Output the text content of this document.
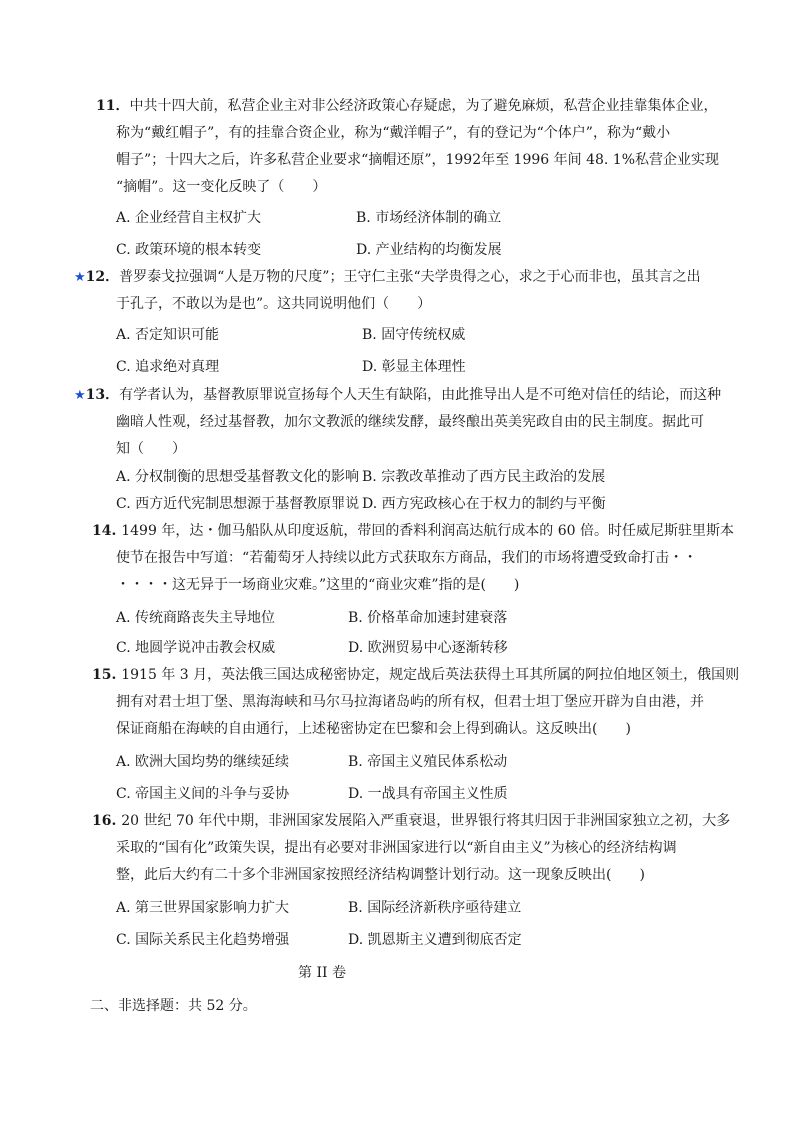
11．中共十四大前，私营企业主对非公经济政策心存疑虑，为了避免麻烦，私营企业挂靠集体企业，
称为“戴红帽子”，有的挂靠合资企业，称为“戴洋帽子”，有的登记为“个体户”，称为“戴小
帽子”；十四大之后，许多私营企业要求“摘帽还原”，1992年至 1996 年间 48. 1%私营企业实现
“摘帽”。这一变化反映了（　　）
A. 企业经营自主权扩大	B. 市场经济体制的确立
C. 政策环境的根本转变	D. 产业结构的均衡发展
★12．普罗泰戈拉强调“人是万物的尺度”；王守仁主张“夫学贵得之心，求之于心而非也，虽其言之出
于孔子，不敢以为是也”。这共同说明他们（　　）
A. 否定知识可能	B. 固守传统权威
C. 追求绝对真理	D. 彰显主体理性
★13．有学者认为，基督教原罪说宣扬每个人天生有缺陷，由此推导出人是不可绝对信任的结论，而这种
幽暗人性观，经过基督教，加尔文教派的继续发酵，最终酿出英美宪政自由的民主制度。据此可
知（　　）
A. 分权制衡的思想受基督教文化的影响 B. 宗教改革推动了西方民主政治的发展
C. 西方近代宪制思想源于基督教原罪说 D. 西方宪政核心在于权力的制约与平衡
14. 1499 年，达・伽马船队从印度返航，带回的香料利润高达航行成本的 60 倍。时任威尼斯驻里斯本
使节在报告中写道：“若葡萄牙人持续以此方式获取东方商品，我们的市场将遭受致命打击・・
・・・・这无异于一场商业灾难。”这里的“商业灾难”指的是(　　)
A. 传统商路丧失主导地位	B. 价格革命加速封建衰落
C. 地圆学说冲击教会权威	D. 欧洲贸易中心逐渐转移
15. 1915 年 3 月，英法俄三国达成秘密协定，规定战后英法获得土耳其所属的阿拉伯地区领土，俄国则
拥有对君士坦丁堡、黑海海峡和马尔马拉海诸岛屿的所有权，但君士坦丁堡应开辟为自由港，并
保证商船在海峡的自由通行，上述秘密协定在巴黎和会上得到确认。这反映出(　　)
A. 欧洲大国均势的继续延续	B. 帝国主义殖民体系松动
C. 帝国主义间的斗争与妥协	D. 一战具有帝国主义性质
16. 20 世纪 70 年代中期，非洲国家发展陷入严重衰退，世界银行将其归因于非洲国家独立之初，大多
采取的“国有化”政策失误，提出有必要对非洲国家进行以“新自由主义”为核心的经济结构调
整，此后大约有二十多个非洲国家按照经济结构调整计划行动。这一现象反映出(　　)
A. 第三世界国家影响力扩大	B. 国际经济新秩序亟待建立
C. 国际关系民主化趋势增强	D. 凯恩斯主义遭到彻底否定
第 II 卷
二、非选择题：共 52 分。
